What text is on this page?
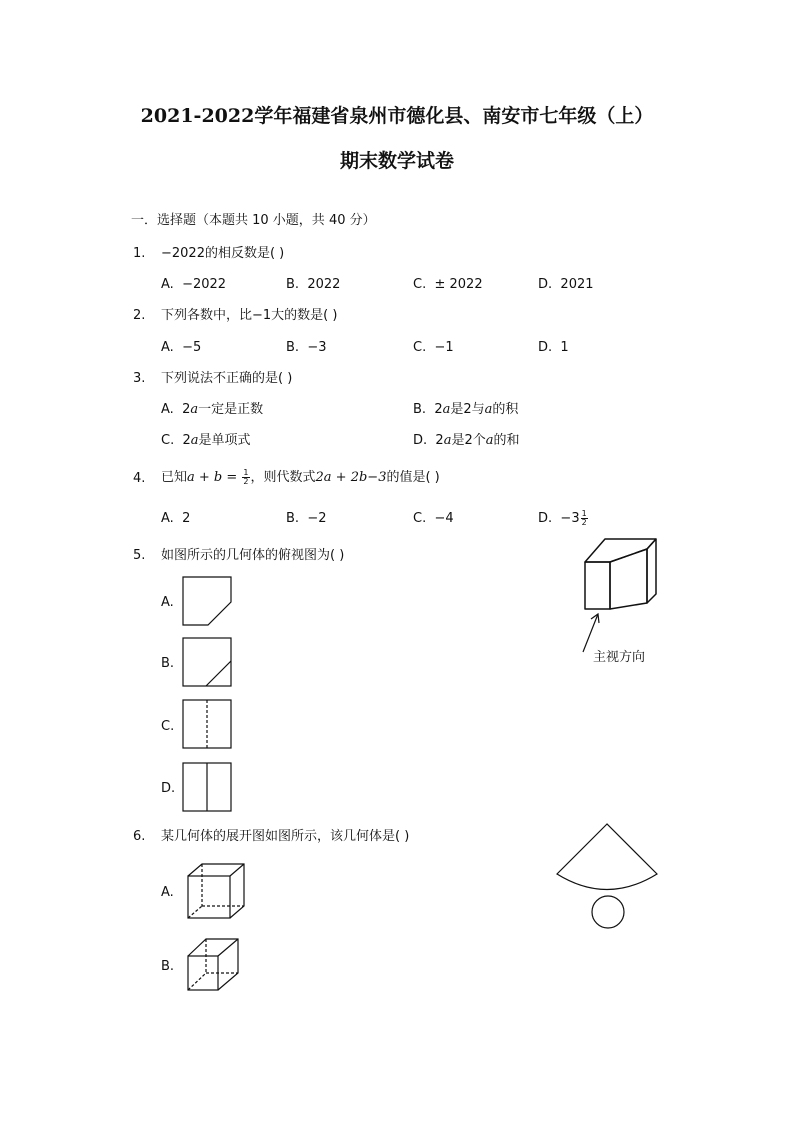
2021-2022学年福建省泉州市德化县、南安市七年级（上）
期末数学试卷
一．选择题（本题共 10 小题，共 40 分）
1. −2022的相反数是( )
A. −2022	B. 2022	C. ± 2022	D. 2021
2. 下列各数中，比−1大的数是( )
A. −5	B. −3	C. −1	D. 1
3. 下列说法不正确的是( )
A. 2a一定是正数	B. 2a是2与a的积
C. 2a是单项式	D. 2a是2个a的和
4. 已知$a + b = \frac{1}{2}$ ，则代数式2a + 2b−3的值是( )
A. 2	B. −2	C. −4	D. $-3 \frac{1}{2}$
5. 如图所示的几何体的俯视图为( )
主视方向
A.
B.
C.
D.
6. 某几何体的展开图如图所示，该几何体是( )
A.
B.
